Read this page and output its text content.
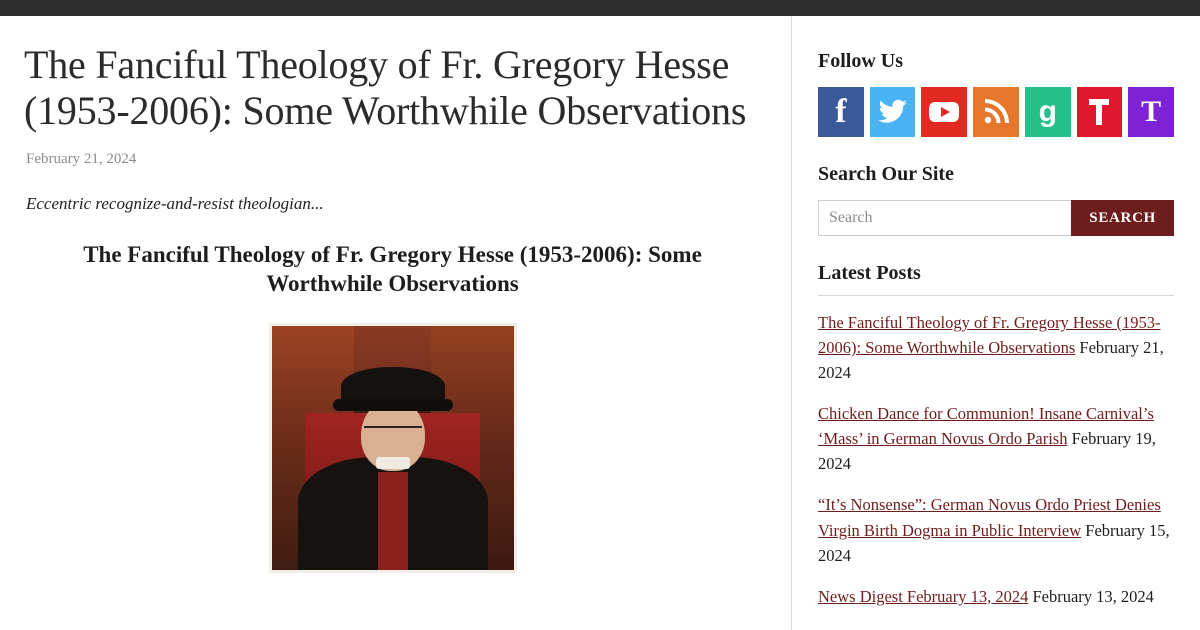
The Fanciful Theology of Fr. Gregory Hesse (1953-2006): Some Worthwhile Observations
February 21, 2024
Eccentric recognize-and-resist theologian...
The Fanciful Theology of Fr. Gregory Hesse (1953-2006): Some Worthwhile Observations
Follow Us
f	g	T
Search Our Site
Search
SEARCH
Latest Posts
The Fanciful Theology of Fr. Gregory Hesse (1953-2006): Some Worthwhile Observations February 21, 2024
Chicken Dance for Communion! Insane Carnival’s ‘Mass’ in German Novus Ordo Parish February 19, 2024
“It’s Nonsense”: German Novus Ordo Priest Denies Virgin Birth Dogma in Public Interview February 15, 2024
News Digest February 13, 2024 February 13, 2024
